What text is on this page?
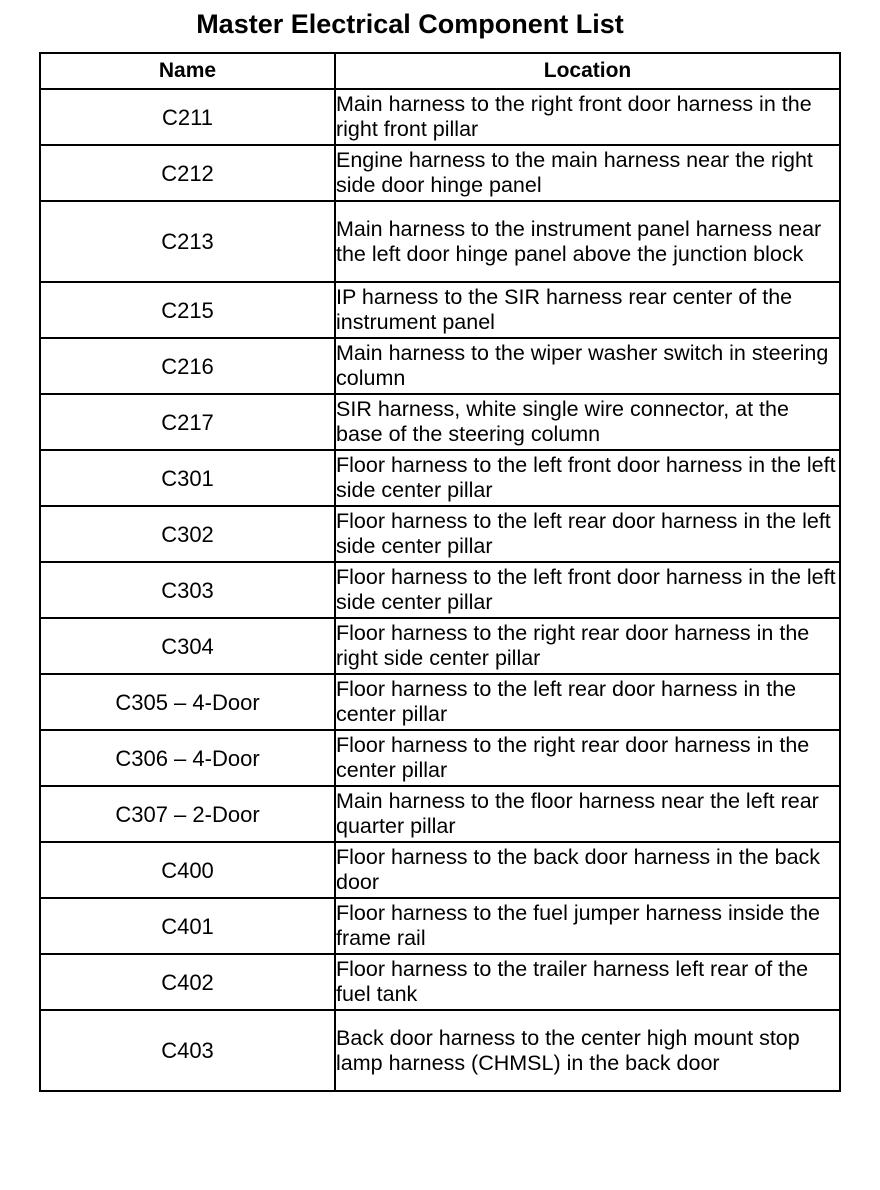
Master Electrical Component List
Name	Location
C211	Main harness to the right front door harness in the right front pillar
C212	Engine harness to the main harness near the right side door hinge panel
C213	Main harness to the instrument panel harness near the left door hinge panel above the junction block
C215	IP harness to the SIR harness rear center of the instrument panel
C216	Main harness to the wiper washer switch in steering column
C217	SIR harness, white single wire connector, at the base of the steering column
C301	Floor harness to the left front door harness in the left side center pillar
C302	Floor harness to the left rear door harness in the left side center pillar
C303	Floor harness to the left front door harness in the left side center pillar
C304	Floor harness to the right rear door harness in the right side center pillar
C305 – 4-Door	Floor harness to the left rear door harness in the center pillar
C306 – 4-Door	Floor harness to the right rear door harness in the center pillar
C307 – 2-Door	Main harness to the floor harness near the left rear quarter pillar
C400	Floor harness to the back door harness in the back door
C401	Floor harness to the fuel jumper harness inside the frame rail
C402	Floor harness to the trailer harness left rear of the fuel tank
C403	Back door harness to the center high mount stop lamp harness (CHMSL) in the back door
